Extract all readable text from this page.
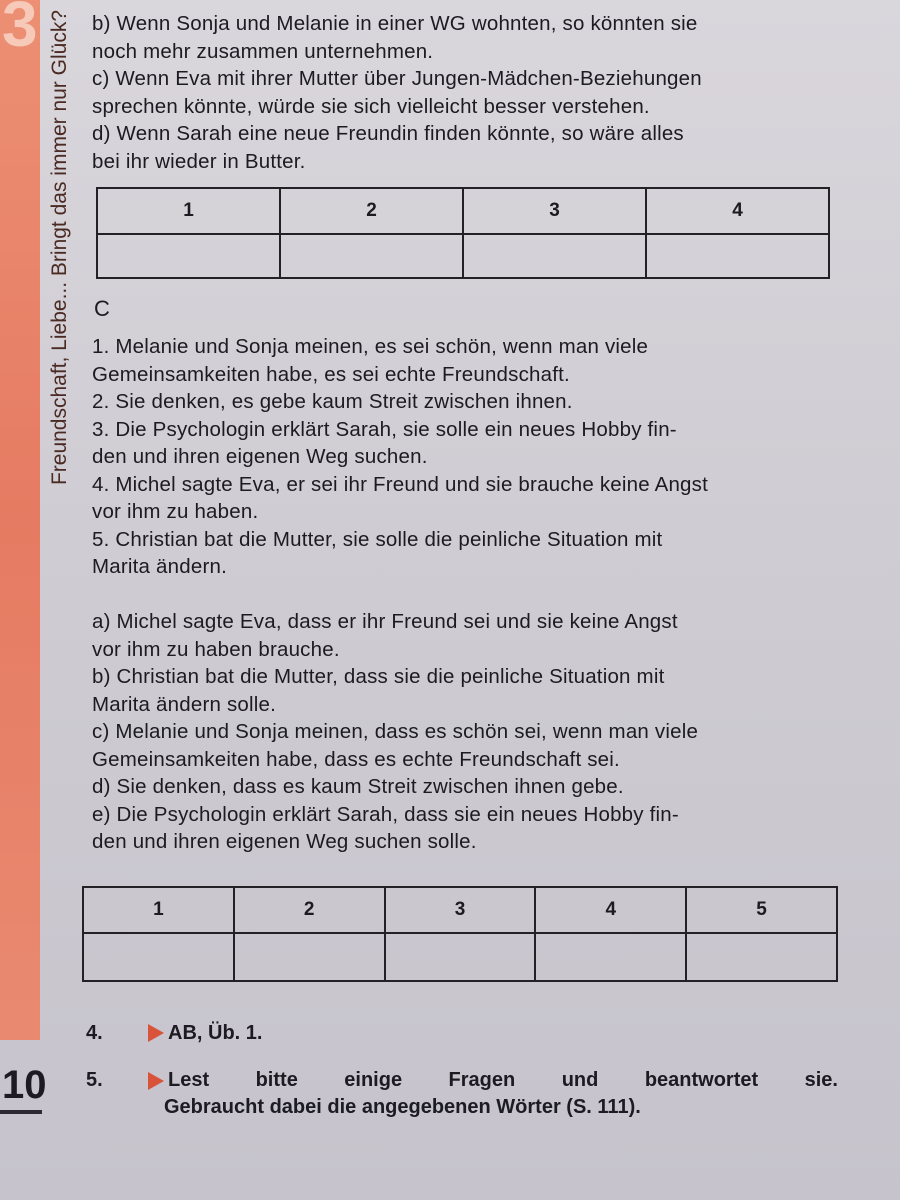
3 Freundschaft, Liebe... Bringt das immer nur Glück?
10

b) Wenn Sonja und Melanie in einer WG wohnten, so könnten sie

noch mehr zusammen unternehmen.

c) Wenn Eva mit ihrer Mutter über Jungen-Mädchen-Beziehungen

sprechen könnte, würde sie sich vielleicht besser verstehen.

d) Wenn Sarah eine neue Freundin finden könnte, so wäre alles

bei ihr wieder in Butter.

1	2	3	4

C

1. Melanie und Sonja meinen, es sei schön, wenn man viele

Gemeinsamkeiten habe, es sei echte Freundschaft.

2. Sie denken, es gebe kaum Streit zwischen ihnen.

3. Die Psychologin erklärt Sarah, sie solle ein neues Hobby fin-

den und ihren eigenen Weg suchen.

4. Michel sagte Eva, er sei ihr Freund und sie brauche keine Angst

vor ihm zu haben.

5. Christian bat die Mutter, sie solle die peinliche Situation mit

Marita ändern.

a) Michel sagte Eva, dass er ihr Freund sei und sie keine Angst

vor ihm zu haben brauche.

b) Christian bat die Mutter, dass sie die peinliche Situation mit

Marita ändern solle.

c) Melanie und Sonja meinen, dass es schön sei, wenn man viele

Gemeinsamkeiten habe, dass es echte Freundschaft sei.

d) Sie denken, dass es kaum Streit zwischen ihnen gebe.

e) Die Psychologin erklärt Sarah, dass sie ein neues Hobby fin-

den und ihren eigenen Weg suchen solle.

1	2	3	4	5

4.	AB, Üb. 1.
5.	Lest bitte einige Fragen und beantwortet sie.
Gebraucht dabei die angegebenen Wörter (S. 111).
